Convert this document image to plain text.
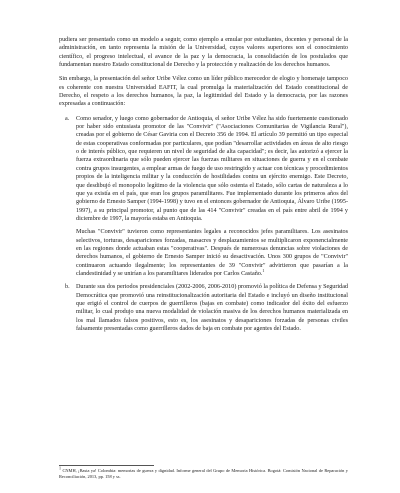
pudiera ser presentado como un modelo a seguir, como ejemplo a emular por estudiantes, docentes y personal de la administración, en tanto representa la misión de la Universidad, cuyos valores superiores son el conocimiento científico, el progreso intelectual, el avance de la paz y la democracia, la consolidación de los postulados que fundamentan nuestro Estado constitucional de Derecho y la protección y realización de los derechos humanos.

Sin embargo, la presentación del señor Uribe Vélez como un líder público merecedor de elogio y homenaje tampoco es coherente con nuestra Universidad EAFIT, la cual promulga la materialización del Estado constitucional de Derecho, el respeto a los derechos humanos, la paz, la legitimidad del Estado y la democracia, por las razones expresadas a continuación:

a. Como senador, y luego como gobernador de Antioquia, el señor Uribe Vélez ha sido fuertemente cuestionado por haber sido entusiasta promotor de las "Convivir" ("Asociaciones Comunitarias de Vigilancia Rural"), creadas por el gobierno de César Gaviria con el Decreto 356 de 1994. El artículo 39 permitió un tipo especial de estas cooperativas conformadas por particulares, que podían "desarrollar actividades en áreas de alto riesgo o de interés público, que requieren un nivel de seguridad de alta capacidad"; es decir, las autorizó a ejercer la fuerza extraordinaria que sólo pueden ejercer las fuerzas militares en situaciones de guerra y en el combate contra grupos insurgentes, a emplear armas de fuego de uso restringido y actuar con técnicas y procedimientos propios de la inteligencia militar y la conducción de hostilidades contra un ejército enemigo. Este Decreto, que desdibujó el monopolio legítimo de la violencia que sólo ostenta el Estado, sólo cartas de naturaleza a lo que ya existía en el país, que eran los grupos paramilitares. Fue implementado durante los primeros años del gobierno de Ernesto Samper (1994-1998) y tuvo en el entonces gobernador de Antioquia, Álvaro Uribe (1995-1997), a su principal promotor, al punto que de las 414 "Convivir" creadas en el país entre abril de 1994 y diciembre de 1997, la mayoría estaba en Antioquia.

Muchas "Convivir" tuvieron como representantes legales a reconocidos jefes paramilitares. Los asesinatos selectivos, torturas, desapariciones forzadas, masacres y desplazamientos se multiplicaron exponencialmente en las regiones donde actuaban estas "cooperativas". Después de numerosas denuncias sobre violaciones de derechos humanos, el gobierno de Ernesto Samper inició su desactivación. Unos 300 grupos de "Convivir" continuaron actuando ilegalmente; los representantes de 39 "Convivir" advirtieron que pasarían a la clandestinidad y se unirían a los paramilitares liderados por Carlos Castaño.$^1$

b. Durante sus dos periodos presidenciales (2002-2006, 2006-2010) promovió la política de Defensa y Seguridad Democrática que promovió una reinstitucionalización autoritaria del Estado e incluyó un diseño institucional que erigió el control de cuerpos de guerrilleros (bajas en combate) como indicador del éxito del esfuerzo militar, lo cual produjo una nueva modalidad de violación masiva de los derechos humanos materializada en los mal llamados falsos positivos, esto es, los asesinatos y desapariciones forzadas de personas civiles falsamente presentadas como guerrilleros dados de baja en combate por agentes del Estado.

$^1$ CNMH, ¡Basta ya! Colombia: memorias de guerra y dignidad. Informe general del Grupo de Memoria Histórica. Bogotá: Comisión Nacional de Reparación y Reconciliación, 2013, pp. 158 y ss.
